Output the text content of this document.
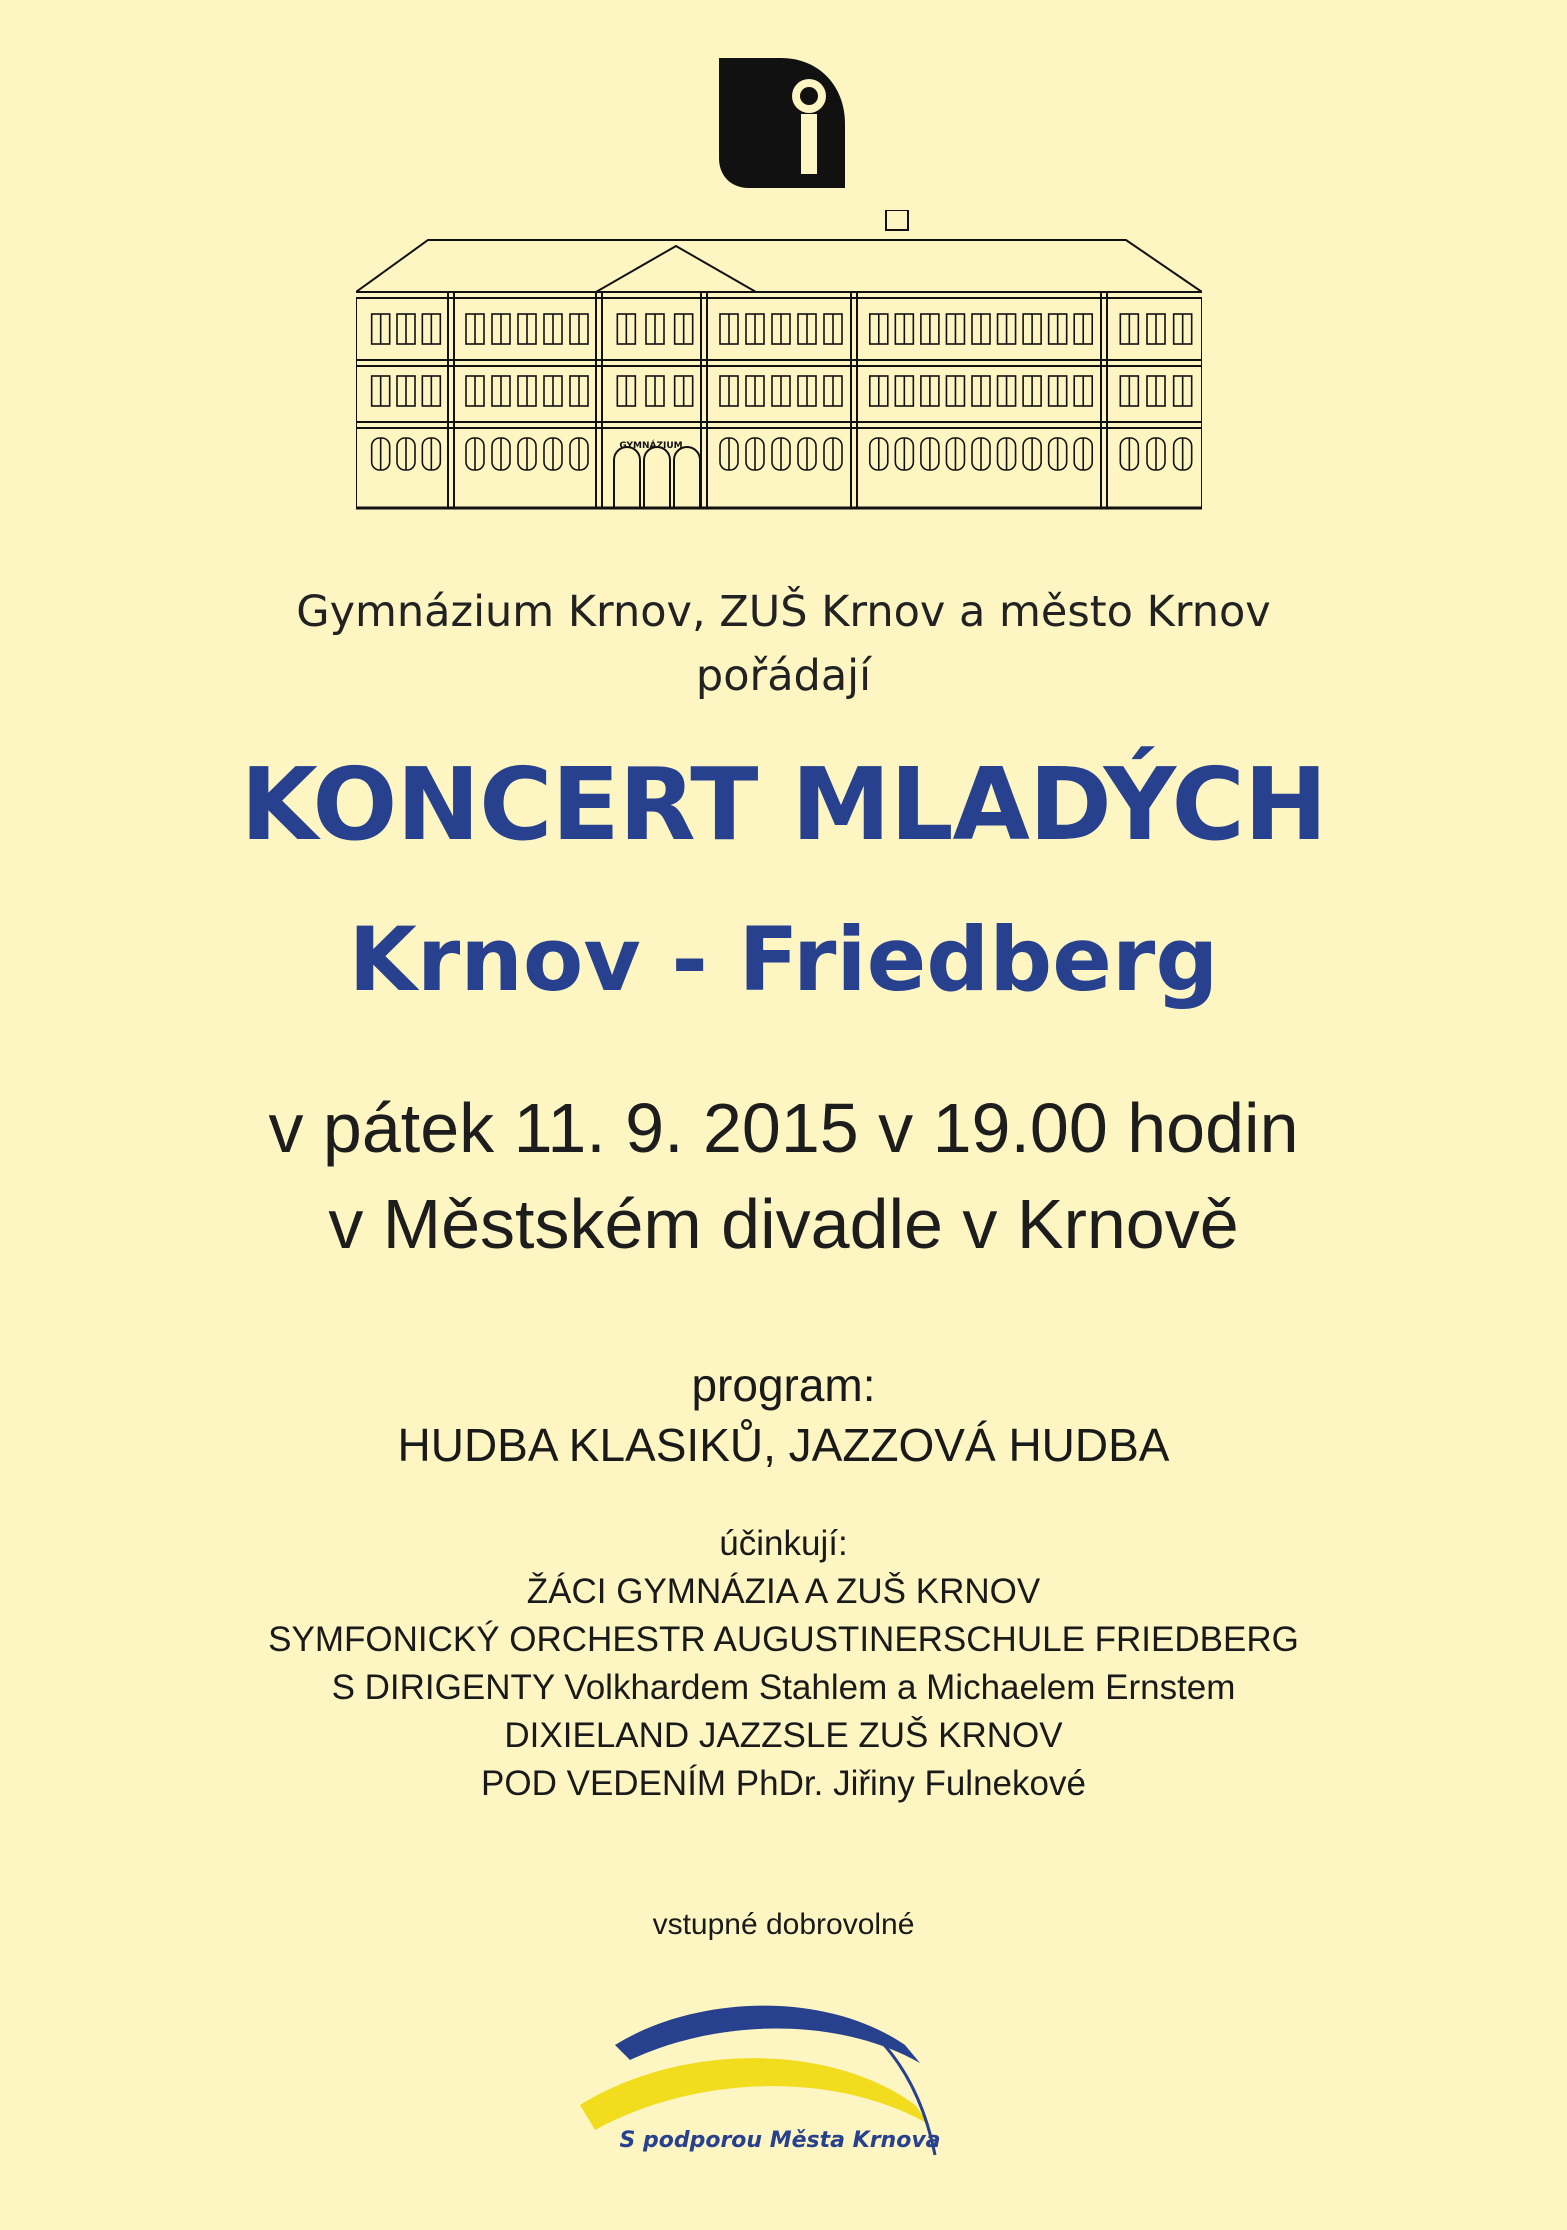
GYMNÁZIUM
Gymnázium Krnov, ZUŠ Krnov a město Krnov
pořádají
KONCERT MLADÝCH
Krnov - Friedberg
v pátek 11. 9. 2015 v 19.00 hodin
v Městském divadle v Krnově
program:
HUDBA KLASIKŮ, JAZZOVÁ HUDBA
účinkují:
ŽÁCI GYMNÁZIA A ZUŠ KRNOV
SYMFONICKÝ ORCHESTR AUGUSTINERSCHULE FRIEDBERG
S DIRIGENTY Volkhardem Stahlem a Michaelem Ernstem
DIXIELAND JAZZSLE ZUŠ KRNOV
POD VEDENÍM PhDr. Jiřiny Fulnekové
vstupné dobrovolné
S podporou Města Krnova
